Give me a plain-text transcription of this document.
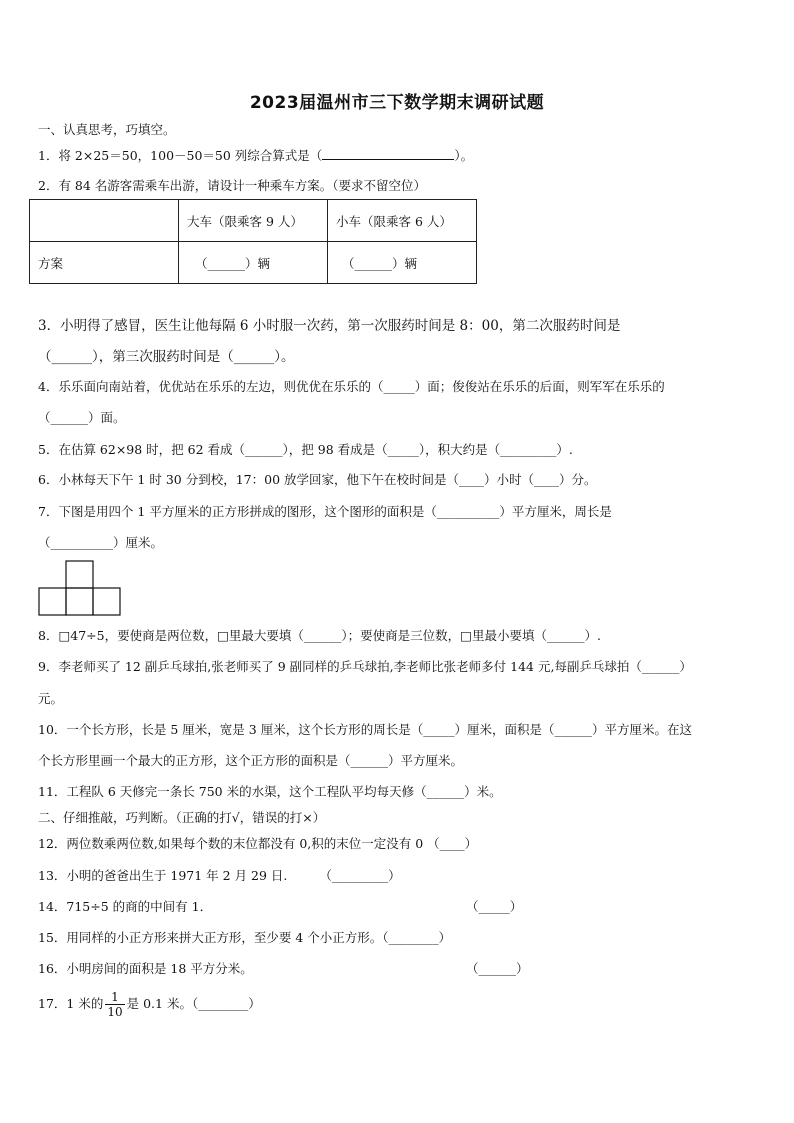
2023届温州市三下数学期末调研试题
一、认真思考，巧填空。
1．将 2×25＝50，100－50＝50 列综合算式是（	）。
2．有 84 名游客需乘车出游，请设计一种乘车方案。（要求不留空位）
	大车（限乘客 9 人）	小车（限乘客 6 人）
方案	（______）辆	（______）辆
3．小明得了感冒，医生让他每隔 6 小时服一次药，第一次服药时间是 8：00，第二次服药时间是
（______），第三次服药时间是（______）。
4．乐乐面向南站着，优优站在乐乐的左边，则优优在乐乐的（_____）面；俊俊站在乐乐的后面，则军军在乐乐的
（______）面。
5．在估算 62×98 时，把 62 看成（______），把 98 看成是（_____），积大约是（_________）.
6．小林每天下午 1 时 30 分到校，17：00 放学回家，他下午在校时间是（____）小时（____）分。
7．下图是用四个 1 平方厘米的正方形拼成的图形，这个图形的面积是（__________）平方厘米，周长是
（__________）厘米。
8．□47÷5，要使商是两位数，□里最大要填（______）；要使商是三位数，□里最小要填（______）.
9．李老师买了 12 副乒乓球拍,张老师买了 9 副同样的乒乓球拍,李老师比张老师多付 144 元,每副乒乓球拍（______）
元。
10．一个长方形，长是 5 厘米，宽是 3 厘米，这个长方形的周长是（_____）厘米，面积是（______）平方厘米。在这
个长方形里画一个最大的正方形，这个正方形的面积是（______）平方厘米。
11．工程队 6 天修完一条长 750 米的水渠，这个工程队平均每天修（______）米。
二、仔细推敲，巧判断。（正确的打√，错误的打×）
12．两位数乘两位数,如果每个数的末位都没有 0,积的末位一定没有 0 （____）
13．小明的爸爸出生于 1971 年 2 月 29 日.	（_________）
14．715÷5 的商的中间有 1．	（_____）
15．用同样的小正方形来拼大正方形，至少要 4 个小正方形。（________）
16．小明房间的面积是 18 平方分米。	（______）
17．1 米的 $\frac{1}{10}$ 是 0.1 米。（________）
